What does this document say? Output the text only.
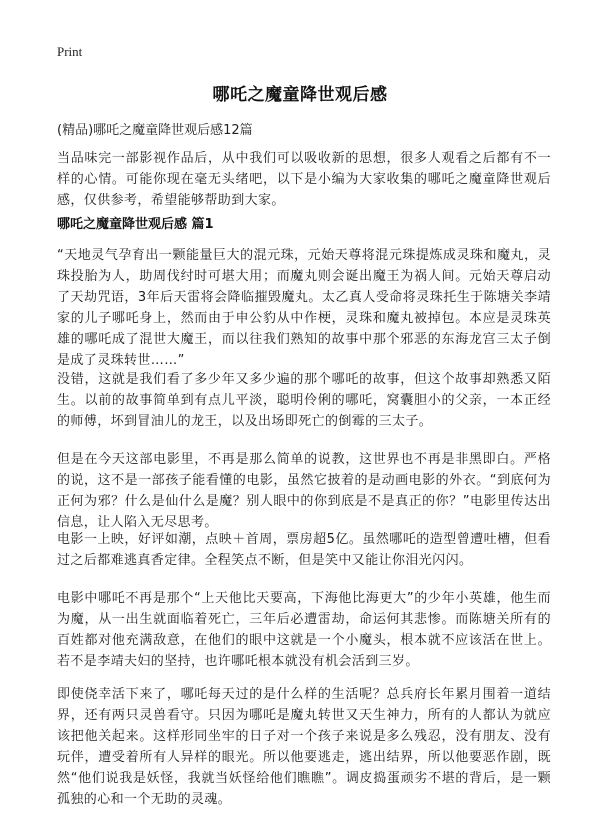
Print
哪吒之魔童降世观后感
(精品)哪吒之魔童降世观后感12篇

当品味完一部影视作品后，从中我们可以吸收新的思想，很多人观看之后都有不一样的心情。可能你现在毫无头绪吧，以下是小编为大家收集的哪吒之魔童降世观后感，仅供参考，希望能够帮助到大家。

哪吒之魔童降世观后感 篇1

“天地灵气孕育出一颗能量巨大的混元珠，元始天尊将混元珠提炼成灵珠和魔丸，灵珠投胎为人，助周伐纣时可堪大用；而魔丸则会诞出魔王为祸人间。元始天尊启动了天劫咒语，3年后天雷将会降临摧毁魔丸。太乙真人受命将灵珠托生于陈塘关李靖家的儿子哪吒身上，然而由于申公豹从中作梗，灵珠和魔丸被掉包。本应是灵珠英雄的哪吒成了混世大魔王，而以往我们熟知的故事中那个邪恶的东海龙宫三太子倒是成了灵珠转世……”

没错，这就是我们看了多少年又多少遍的那个哪吒的故事，但这个故事却熟悉又陌生。以前的故事简单到有点儿平淡，聪明伶俐的哪吒，窝囊胆小的父亲，一本正经的师傅，坏到冒油儿的龙王，以及出场即死亡的倒霉的三太子。

但是在今天这部电影里，不再是那么简单的说教，这世界也不再是非黑即白。严格的说，这不是一部孩子能看懂的电影，虽然它披着的是动画电影的外衣。“到底何为正何为邪？什么是仙什么是魔？别人眼中的你到底是不是真正的你？”电影里传达出信息，让人陷入无尽思考。

电影一上映，好评如潮，点映＋首周，票房超5亿。虽然哪吒的造型曾遭吐槽，但看过之后都难逃真香定律。全程笑点不断，但是笑中又能让你泪光闪闪。

电影中哪吒不再是那个“上天他比天要高，下海他比海更大”的少年小英雄，他生而为魔，从一出生就面临着死亡，三年后必遭雷劫，命运何其悲惨。而陈塘关所有的百姓都对他充满敌意，在他们的眼中这就是一个小魔头，根本就不应该活在世上。若不是李靖夫妇的坚持，也许哪吒根本就没有机会活到三岁。

即使侥幸活下来了，哪吒每天过的是什么样的生活呢？总兵府长年累月围着一道结界，还有两只灵兽看守。只因为哪吒是魔丸转世又天生神力，所有的人都认为就应该把他关起来。这样形同坐牢的日子对一个孩子来说是多么残忍，没有朋友、没有玩伴，遭受着所有人异样的眼光。所以他要逃走，逃出结界，所以他要恶作剧，既然“他们说我是妖怪，我就当妖怪给他们瞧瞧”。调皮捣蛋顽劣不堪的背后，是一颗孤独的心和一个无助的灵魂。
